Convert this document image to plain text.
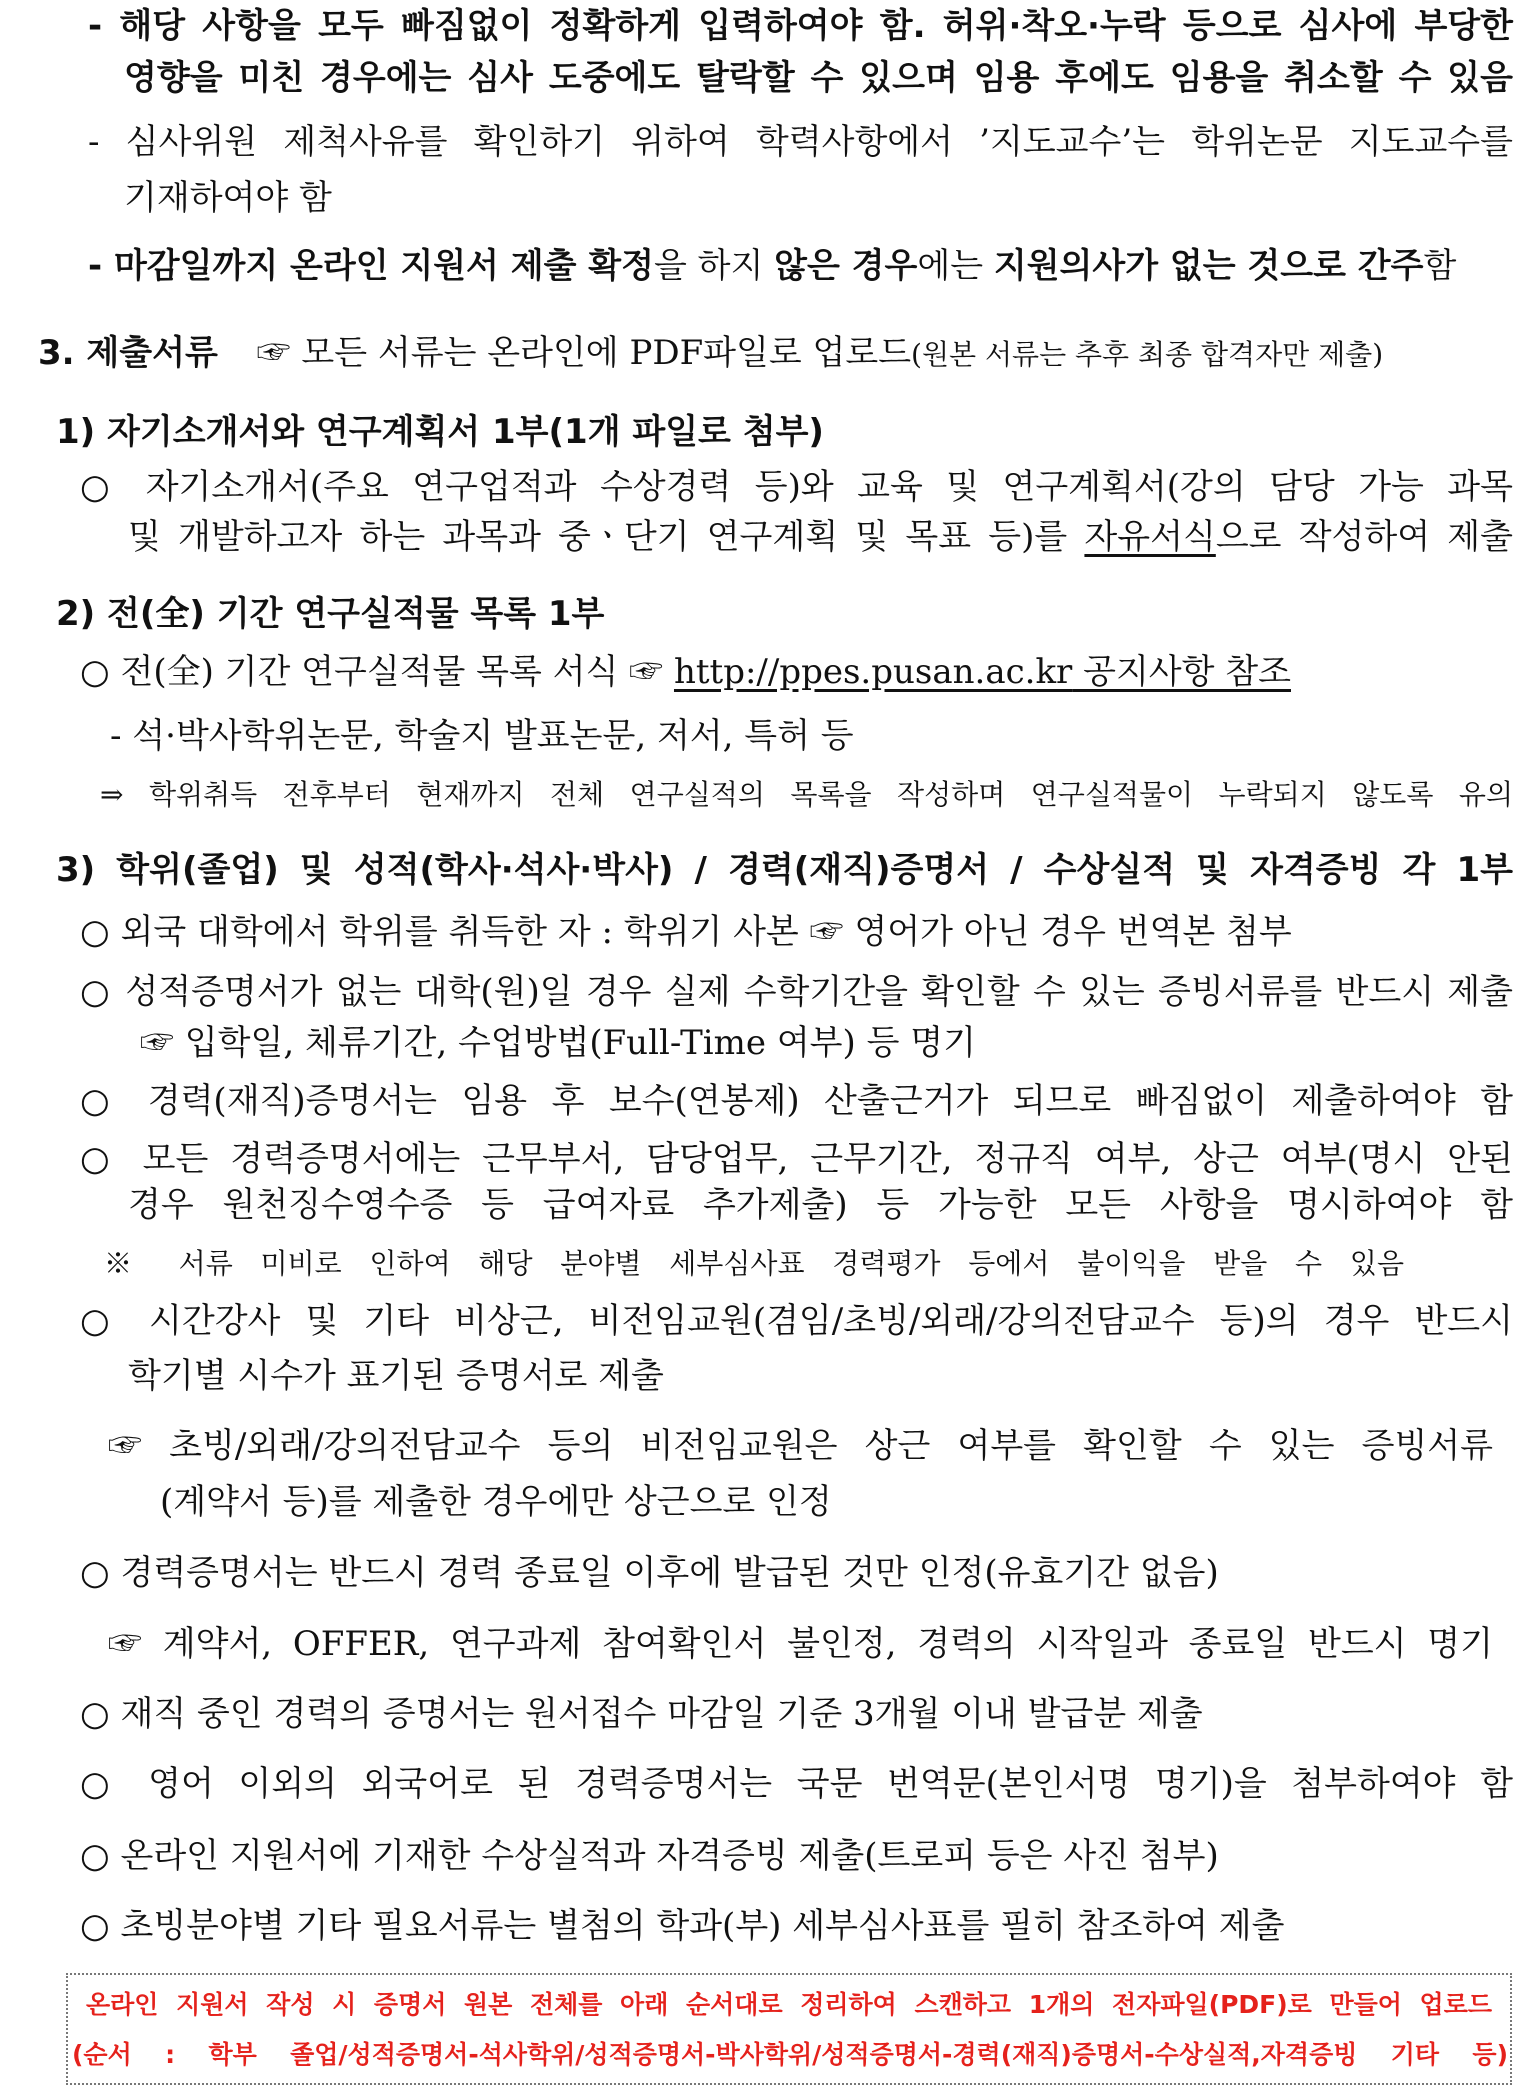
- 해당 사항을 모두 빠짐없이 정확하게 입력하여야 함. 허위·착오·누락 등으로 심사에 부당한
영향을 미친 경우에는 심사 도중에도 탈락할 수 있으며 임용 후에도 임용을 취소할 수 있음
- 심사위원 제척사유를 확인하기 위하여 학력사항에서 ’지도교수’는 학위논문 지도교수를
기재하여야 함
- 마감일까지 온라인 지원서 제출 확정을 하지 않은 경우에는 지원의사가 없는 것으로 간주함
3. 제출서류 ☞ 모든 서류는 온라인에 PDF파일로 업로드(원본 서류는 추후 최종 합격자만 제출)
1) 자기소개서와 연구계획서 1부(1개 파일로 첨부)
○ 자기소개서(주요 연구업적과 수상경력 등)와 교육 및 연구계획서(강의 담당 가능 과목
및 개발하고자 하는 과목과 중ㆍ단기 연구계획 및 목표 등)를 자유서식으로 작성하여 제출
2) 전(全) 기간 연구실적물 목록 1부
○ 전(全) 기간 연구실적물 목록 서식 ☞ http://ppes.pusan.ac.kr 공지사항 참조
- 석·박사학위논문, 학술지 발표논문, 저서, 특허 등
⇒ 학위취득 전후부터 현재까지 전체 연구실적의 목록을 작성하며 연구실적물이 누락되지 않도록 유의
3) 학위(졸업) 및 성적(학사·석사·박사) / 경력(재직)증명서 / 수상실적 및 자격증빙 각 1부
○ 외국 대학에서 학위를 취득한 자 : 학위기 사본 ☞ 영어가 아닌 경우 번역본 첨부
○ 성적증명서가 없는 대학(원)일 경우 실제 수학기간을 확인할 수 있는 증빙서류를 반드시 제출
☞ 입학일, 체류기간, 수업방법(Full-Time 여부) 등 명기
○ 경력(재직)증명서는 임용 후 보수(연봉제) 산출근거가 되므로 빠짐없이 제출하여야 함
○ 모든 경력증명서에는 근무부서, 담당업무, 근무기간, 정규직 여부, 상근 여부(명시 안된
경우 원천징수영수증 등 급여자료 추가제출) 등 가능한 모든 사항을 명시하여야 함
※ 서류 미비로 인하여 해당 분야별 세부심사표 경력평가 등에서 불이익을 받을 수 있음
○ 시간강사 및 기타 비상근, 비전임교원(겸임/초빙/외래/강의전담교수 등)의 경우 반드시
학기별 시수가 표기된 증명서로 제출
☞ 초빙/외래/강의전담교수 등의 비전임교원은 상근 여부를 확인할 수 있는 증빙서류
(계약서 등)를 제출한 경우에만 상근으로 인정
○ 경력증명서는 반드시 경력 종료일 이후에 발급된 것만 인정(유효기간 없음)
☞ 계약서, OFFER, 연구과제 참여확인서 불인정, 경력의 시작일과 종료일 반드시 명기
○ 재직 중인 경력의 증명서는 원서접수 마감일 기준 3개월 이내 발급분 제출
○ 영어 이외의 외국어로 된 경력증명서는 국문 번역문(본인서명 명기)을 첨부하여야 함
○ 온라인 지원서에 기재한 수상실적과 자격증빙 제출(트로피 등은 사진 첨부)
○ 초빙분야별 기타 필요서류는 별첨의 학과(부) 세부심사표를 필히 참조하여 제출
온라인 지원서 작성 시 증명서 원본 전체를 아래 순서대로 정리하여 스캔하고 1개의 전자파일(PDF)로 만들어 업로드
(순서 : 학부 졸업/성적증명서-석사학위/성적증명서-박사학위/성적증명서-경력(재직)증명서-수상실적,자격증빙 기타 등)
